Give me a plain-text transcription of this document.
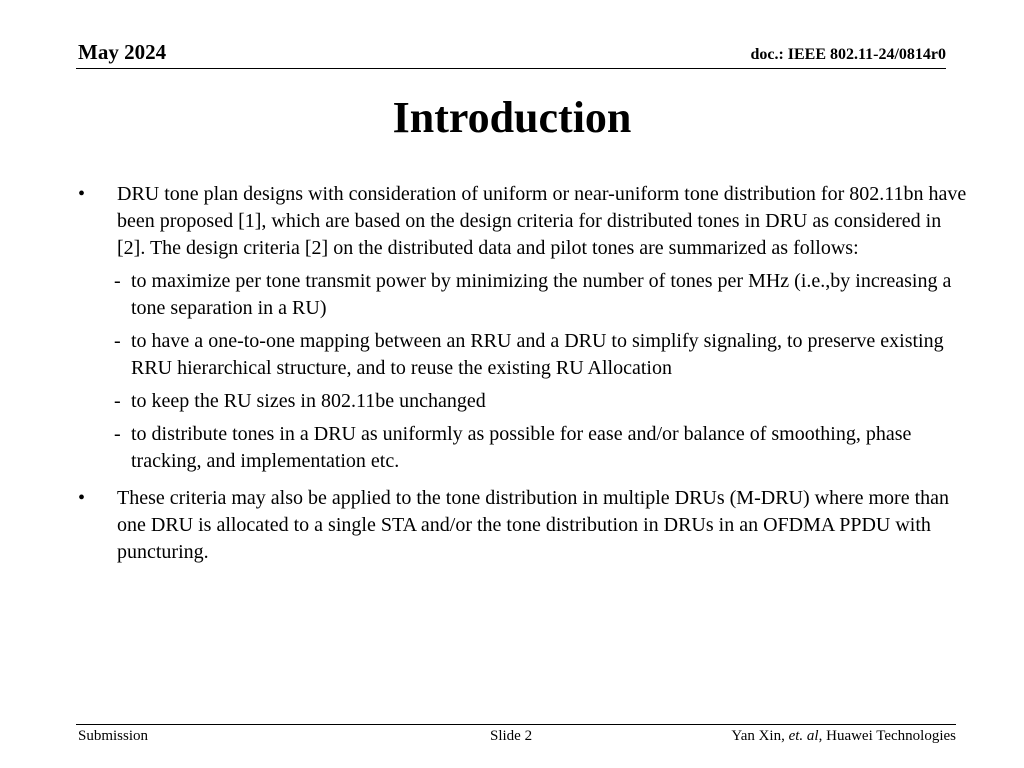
May 2024	doc.: IEEE 802.11-24/0814r0
Introduction
•	DRU tone plan designs with consideration of uniform or near-uniform tone distribution for 802.11bn have been proposed [1], which are based on the design criteria for distributed tones in DRU as considered in [2]. The design criteria [2] on the distributed data and pilot tones are summarized as follows:
- to maximize per tone transmit power by minimizing the number of tones per MHz (i.e.,by increasing a tone separation in a RU)
- to have a one-to-one mapping between an RRU and a DRU to simplify signaling, to preserve existing RRU hierarchical structure, and to reuse the existing RU Allocation
- to keep the RU sizes in 802.11be unchanged
- to distribute tones in a DRU as uniformly as possible for ease and/or balance of smoothing, phase tracking, and implementation etc.
•	These criteria may also be applied to the tone distribution in multiple DRUs (M-DRU) where more than one DRU is allocated to a single STA and/or the tone distribution in DRUs in an OFDMA PPDU with puncturing.
Submission	Slide 2	Yan Xin, et. al, Huawei Technologies
